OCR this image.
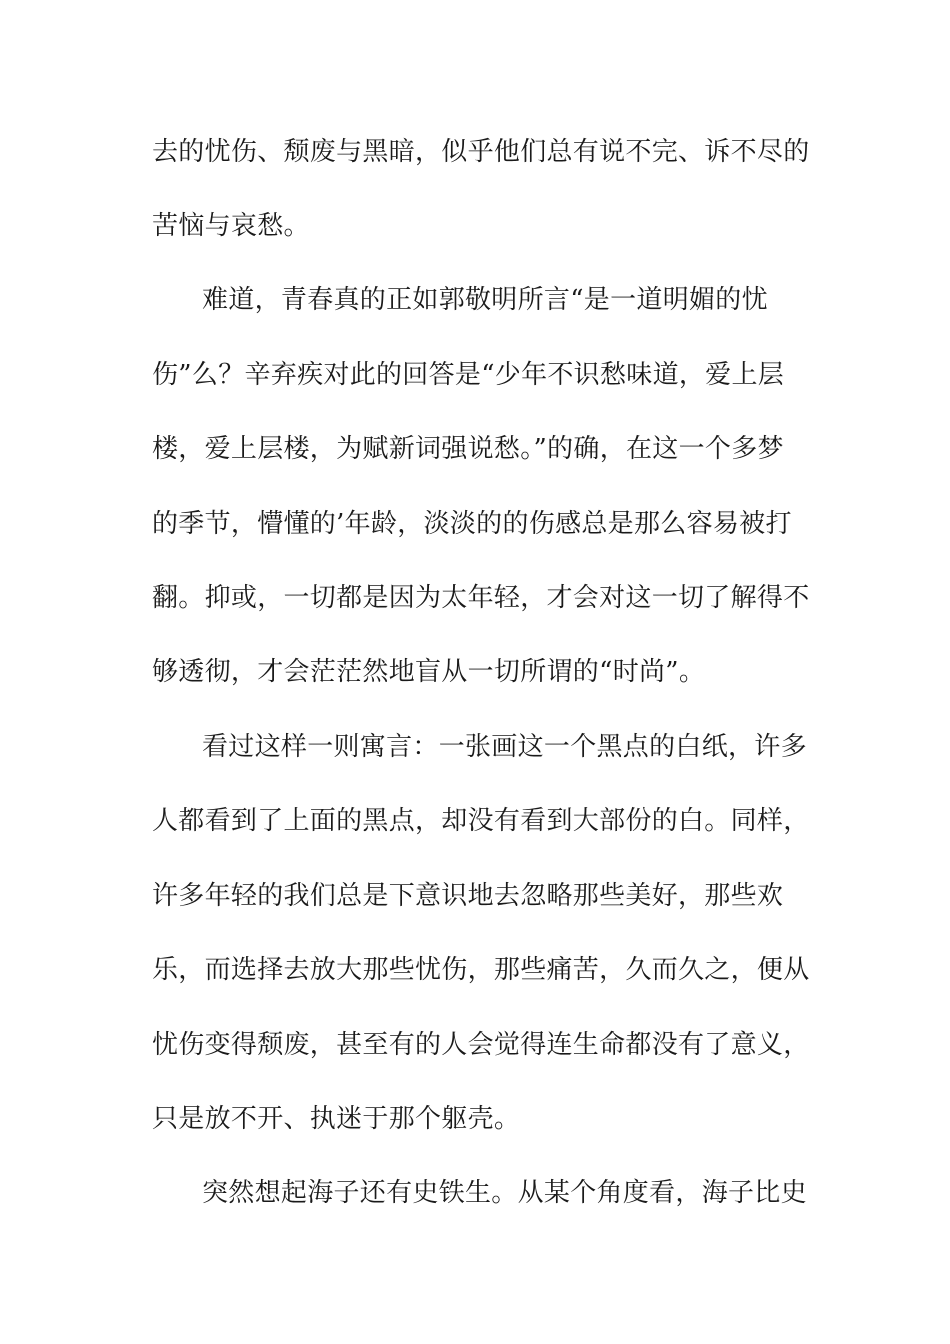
去的忧伤、颓废与黑暗，似乎他们总有说不完、诉不尽的
苦恼与哀愁。
难道，青春真的正如郭敬明所言“是一道明媚的忧
伤”么？辛弃疾对此的回答是“少年不识愁味道，爱上层
楼，爱上层楼，为赋新词强说愁。”的确，在这一个多梦
的季节，懵懂的’年龄，淡淡的的伤感总是那么容易被打
翻。抑或，一切都是因为太年轻，才会对这一切了解得不
够透彻，才会茫茫然地盲从一切所谓的“时尚”。
看过这样一则寓言：一张画这一个黑点的白纸，许多
人都看到了上面的黑点，却没有看到大部份的白。同样，
许多年轻的我们总是下意识地去忽略那些美好，那些欢
乐，而选择去放大那些忧伤，那些痛苦，久而久之，便从
忧伤变得颓废，甚至有的人会觉得连生命都没有了意义，
只是放不开、执迷于那个躯壳。
突然想起海子还有史铁生。从某个角度看，海子比史
